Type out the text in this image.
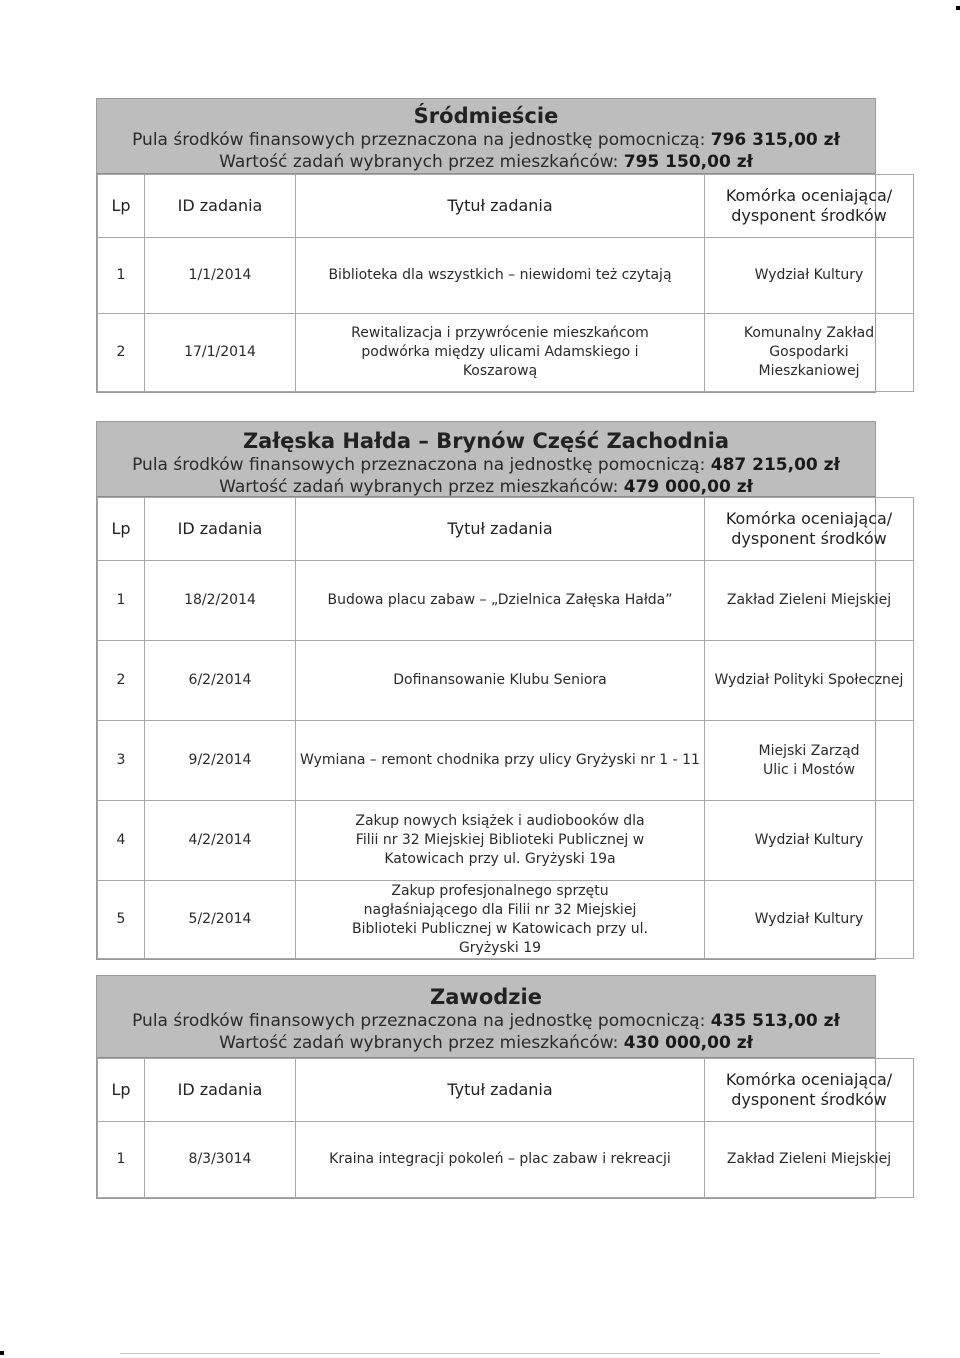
Śródmieście
Pula środków finansowych przeznaczona na jednostkę pomocniczą: 796 315,00 zł
Wartość zadań wybranych przez mieszkańców: 795 150,00 zł
Lp	ID zadania	Tytuł zadania	Komórka oceniająca/ dysponent środków
1	1/1/2014	Biblioteka dla wszystkich – niewidomi też czytają	Wydział Kultury
2	17/1/2014	Rewitalizacja i przywrócenie mieszkańcom podwórka między ulicami Adamskiego i Koszarową	Komunalny Zakład Gospodarki Mieszkaniowej
Załęska Hałda – Brynów Część Zachodnia
Pula środków finansowych przeznaczona na jednostkę pomocniczą: 487 215,00 zł
Wartość zadań wybranych przez mieszkańców: 479 000,00 zł
Lp	ID zadania	Tytuł zadania	Komórka oceniająca/ dysponent środków
1	18/2/2014	Budowa placu zabaw – „Dzielnica Załęska Hałda”	Zakład Zieleni Miejskiej
2	6/2/2014	Dofinansowanie Klubu Seniora	Wydział Polityki Społecznej
3	9/2/2014	Wymiana – remont chodnika przy ulicy Gryżyski nr 1 - 11	Miejski Zarząd Ulic i Mostów
4	4/2/2014	Zakup nowych książek i audiobooków dla Filii nr 32 Miejskiej Biblioteki Publicznej w Katowicach przy ul. Gryżyski 19a	Wydział Kultury
5	5/2/2014	Zakup profesjonalnego sprzętu nagłaśniającego dla Filii nr 32 Miejskiej Biblioteki Publicznej w Katowicach przy ul. Gryżyski 19	Wydział Kultury
Zawodzie
Pula środków finansowych przeznaczona na jednostkę pomocniczą: 435 513,00 zł
Wartość zadań wybranych przez mieszkańców: 430 000,00 zł
Lp	ID zadania	Tytuł zadania	Komórka oceniająca/ dysponent środków
1	8/3/3014	Kraina integracji pokoleń – plac zabaw i rekreacji	Zakład Zieleni Miejskiej
